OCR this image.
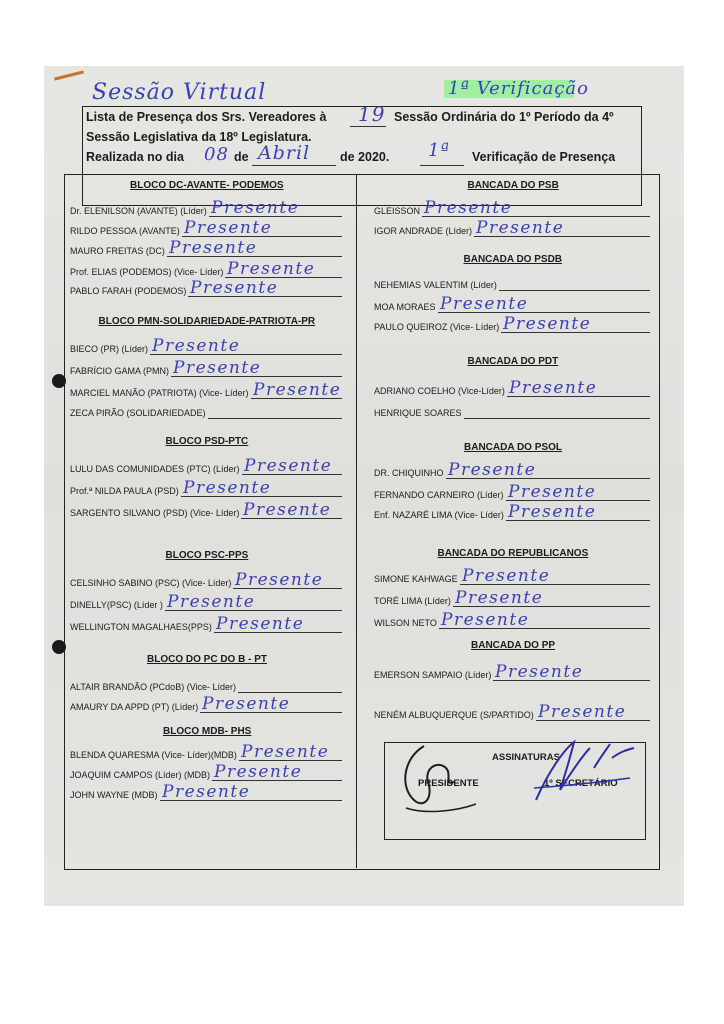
Sessão Virtual	1ª Verificação
Lista de Presença dos Srs. Vereadores à 19 Sessão Ordinária do 1º Período da 4º
Sessão Legislativa da 18º Legislatura.
Realizada no dia 08 de Abril de 2020. 1ª Verificação de Presença
BLOCO DC-AVANTE- PODEMOS
Dr. ELENILSON (AVANTE) (Líder) Presente
RILDO PESSOA (AVANTE) Presente
MAURO FREITAS (DC) Presente
Prof. ELIAS (PODEMOS) (Vice- Líder) Presente
PABLO FARAH (PODEMOS) Presente
BLOCO PMN-SOLIDARIEDADE-PATRIOTA-PR
BIECO (PR) (Líder) Presente
FABRÍCIO GAMA (PMN) Presente
MARCIEL MANÃO (PATRIOTA) (Vice- Líder) Presente
ZECA PIRÃO (SOLIDARIEDADE)
BLOCO PSD-PTC
LULU DAS COMUNIDADES (PTC) (Líder) Presente
Prof.ª NILDA PAULA (PSD) Presente
SARGENTO SILVANO (PSD) (Vice- Líder) Presente
BLOCO PSC-PPS
CELSINHO SABINO (PSC) (Vice- Líder) Presente
DINELLY(PSC) (Líder ) Presente
WELLINGTON MAGALHAES(PPS) Presente
BLOCO DO PC DO B - PT
ALTAIR BRANDÃO (PCdoB) (Vice- Líder)
AMAURY DA APPD (PT) (Líder) Presente
BLOCO MDB- PHS
BLENDA QUARESMA (Vice- Líder)(MDB) Presente
JOAQUIM CAMPOS (Líder) (MDB) Presente
JOHN WAYNE (MDB) Presente
BANCADA DO PSB
GLEISSON Presente
IGOR ANDRADE (Líder) Presente
BANCADA DO PSDB
NEHEMIAS VALENTIM (Líder)
MOA MORAES Presente
PAULO QUEIROZ (Vice- Líder) Presente
BANCADA DO PDT
ADRIANO COELHO (Vice-Líder) Presente
HENRIQUE SOARES
BANCADA DO PSOL
DR. CHIQUINHO Presente
FERNANDO CARNEIRO (Líder) Presente
Enf. NAZARÉ LIMA (Vice- Líder) Presente
BANCADA DO REPUBLICANOS
SIMONE KAHWAGE Presente
TORÉ LIMA (Líder) Presente
WILSON NETO Presente
BANCADA DO PP
EMERSON SAMPAIO (Líder) Presente
NENÉM ALBUQUERQUE (S/PARTIDO) Presente
ASSINATURAS
PRESIDENTE	1º SECRETÁRIO
